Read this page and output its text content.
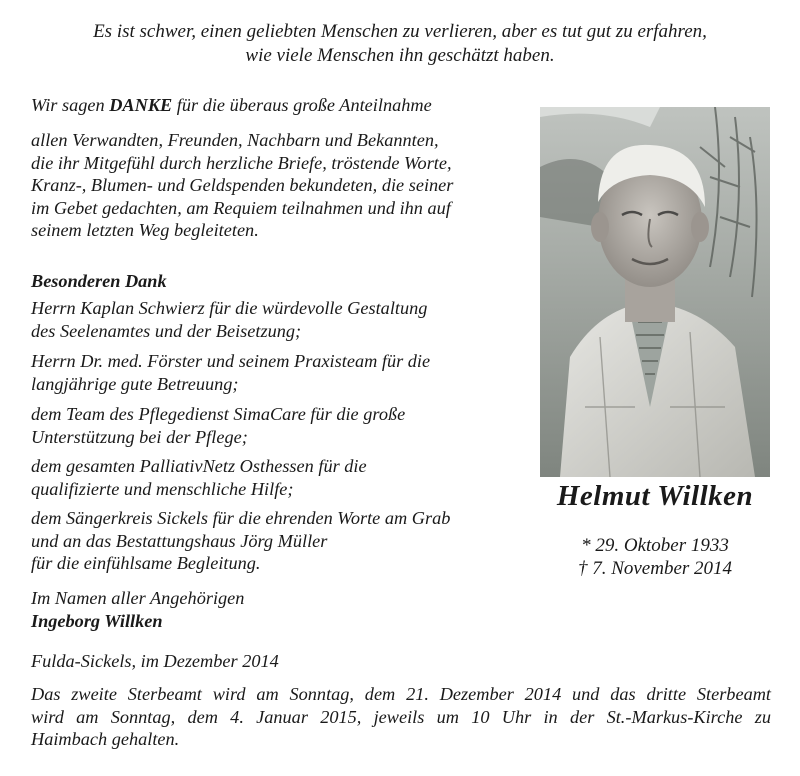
Es ist schwer, einen geliebten Menschen zu verlieren, aber es tut gut zu erfahren,
wie viele Menschen ihn geschätzt haben.
Wir sagen DANKE für die überaus große Anteilnahme
allen Verwandten, Freunden, Nachbarn und Bekannten,
die ihr Mitgefühl durch herzliche Briefe, tröstende Worte,
Kranz-, Blumen- und Geldspenden bekundeten, die seiner
im Gebet gedachten, am Requiem teilnahmen und ihn auf
seinem letzten Weg begleiteten.
Besonderen Dank
Herrn Kaplan Schwierz für die würdevolle Gestaltung
des Seelenamtes und der Beisetzung;
Herrn Dr. med. Förster und seinem Praxisteam für die
langjährige gute Betreuung;
dem Team des Pflegedienst SimaCare für die große
Unterstützung bei der Pflege;
dem gesamten PalliativNetz Osthessen für die
qualifizierte und menschliche Hilfe;
dem Sängerkreis Sickels für die ehrenden Worte am Grab
und an das Bestattungshaus Jörg Müller
für die einfühlsame Begleitung.
Im Namen aller Angehörigen
Ingeborg Willken
Helmut Willken
* 29. Oktober 1933
† 7. November 2014
Fulda-Sickels, im Dezember 2014
Das zweite Sterbeamt wird am Sonntag, dem 21. Dezember 2014 und das dritte Sterbeamt
wird am Sonntag, dem 4. Januar 2015, jeweils um 10 Uhr in der St.-Markus-Kirche zu
Haimbach gehalten.
